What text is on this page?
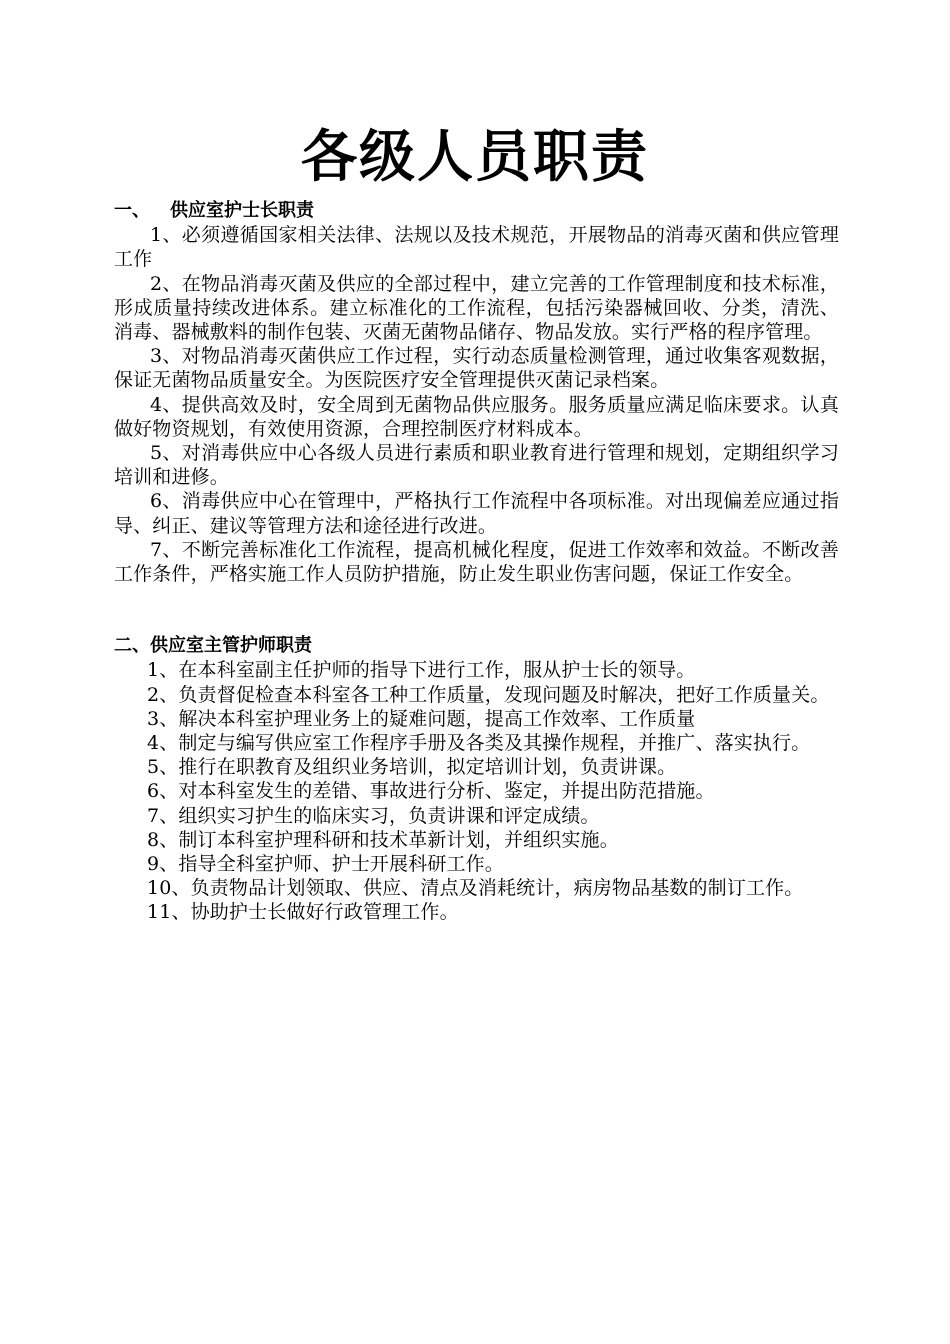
各级人员职责
一、 供应室护士长职责

1、必须遵循国家相关法律、法规以及技术规范，开展物品的消毒灭菌和供应管理工作

2、在物品消毒灭菌及供应的全部过程中，建立完善的工作管理制度和技术标准，形成质量持续改进体系。建立标准化的工作流程，包括污染器械回收、分类，清洗、消毒、器械敷料的制作包装、灭菌无菌物品储存、物品发放。实行严格的程序管理。

3、对物品消毒灭菌供应工作过程，实行动态质量检测管理，通过收集客观数据，保证无菌物品质量安全。为医院医疗安全管理提供灭菌记录档案。

4、提供高效及时，安全周到无菌物品供应服务。服务质量应满足临床要求。认真做好物资规划，有效使用资源，合理控制医疗材料成本。

5、对消毒供应中心各级人员进行素质和职业教育进行管理和规划，定期组织学习培训和进修。

6、消毒供应中心在管理中，严格执行工作流程中各项标准。对出现偏差应通过指导、纠正、建议等管理方法和途径进行改进。

7、不断完善标准化工作流程，提高机械化程度，促进工作效率和效益。不断改善工作条件，严格实施工作人员防护措施，防止发生职业伤害问题，保证工作安全。

二、供应室主管护师职责

1、在本科室副主任护师的指导下进行工作，服从护士长的领导。

2、负责督促检查本科室各工种工作质量，发现问题及时解决，把好工作质量关。

3、解决本科室护理业务上的疑难问题，提高工作效率、工作质量

4、制定与编写供应室工作程序手册及各类及其操作规程，并推广、落实执行。

5、推行在职教育及组织业务培训，拟定培训计划，负责讲课。

6、对本科室发生的差错、事故进行分析、鉴定，并提出防范措施。

7、组织实习护生的临床实习，负责讲课和评定成绩。

8、制订本科室护理科研和技术革新计划，并组织实施。

9、指导全科室护师、护士开展科研工作。

10、负责物品计划领取、供应、清点及消耗统计，病房物品基数的制订工作。

11、协助护士长做好行政管理工作。
